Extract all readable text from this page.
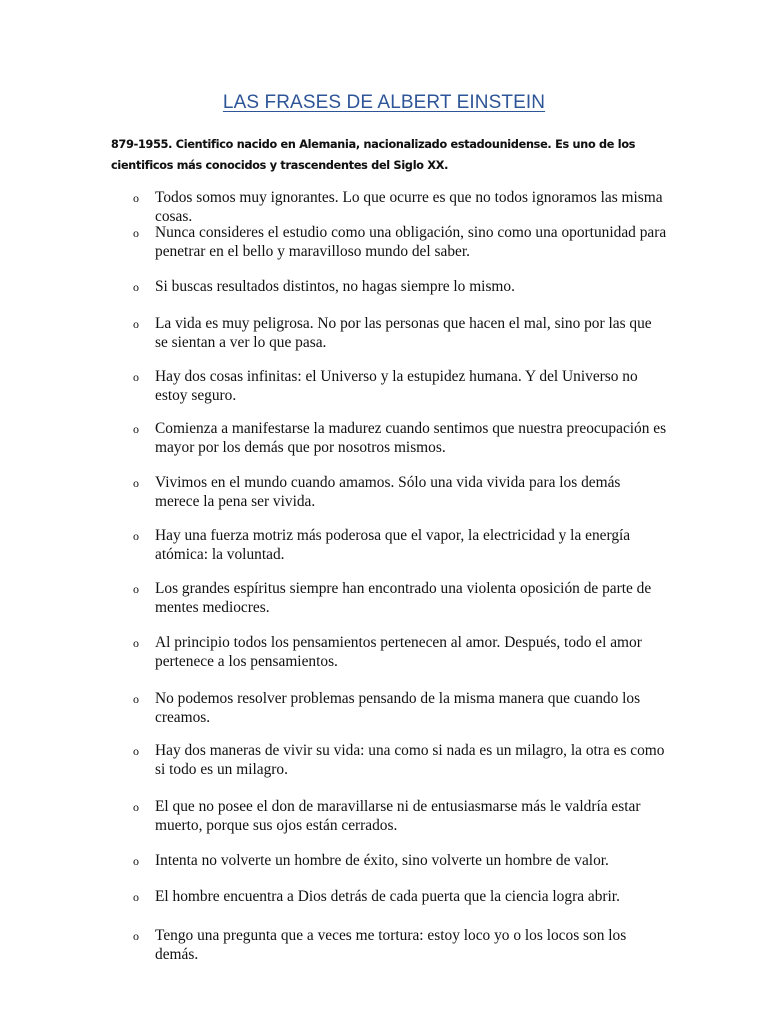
LAS FRASES DE ALBERT EINSTEIN

879-1955. Cientifico nacido en Alemania, nacionalizado estadounidense. Es uno de los cientificos más conocidos y trascendentes del Siglo XX.

o Todos somos muy ignorantes. Lo que ocurre es que no todos ignoramos las misma cosas.
o Nunca consideres el estudio como una obligación, sino como una oportunidad para penetrar en el bello y maravilloso mundo del saber.
o Si buscas resultados distintos, no hagas siempre lo mismo.
o La vida es muy peligrosa. No por las personas que hacen el mal, sino por las que se sientan a ver lo que pasa.
o Hay dos cosas infinitas: el Universo y la estupidez humana. Y del Universo no estoy seguro.
o Comienza a manifestarse la madurez cuando sentimos que nuestra preocupación es mayor por los demás que por nosotros mismos.
o Vivimos en el mundo cuando amamos. Sólo una vida vivida para los demás merece la pena ser vivida.
o Hay una fuerza motriz más poderosa que el vapor, la electricidad y la energía atómica: la voluntad.
o Los grandes espíritus siempre han encontrado una violenta oposición de parte de mentes mediocres.
o Al principio todos los pensamientos pertenecen al amor. Después, todo el amor pertenece a los pensamientos.
o No podemos resolver problemas pensando de la misma manera que cuando los creamos.
o Hay dos maneras de vivir su vida: una como si nada es un milagro, la otra es como si todo es un milagro.
o El que no posee el don de maravillarse ni de entusiasmarse más le valdría estar muerto, porque sus ojos están cerrados.
o Intenta no volverte un hombre de éxito, sino volverte un hombre de valor.
o El hombre encuentra a Dios detrás de cada puerta que la ciencia logra abrir.
o Tengo una pregunta que a veces me tortura: estoy loco yo o los locos son los demás.
